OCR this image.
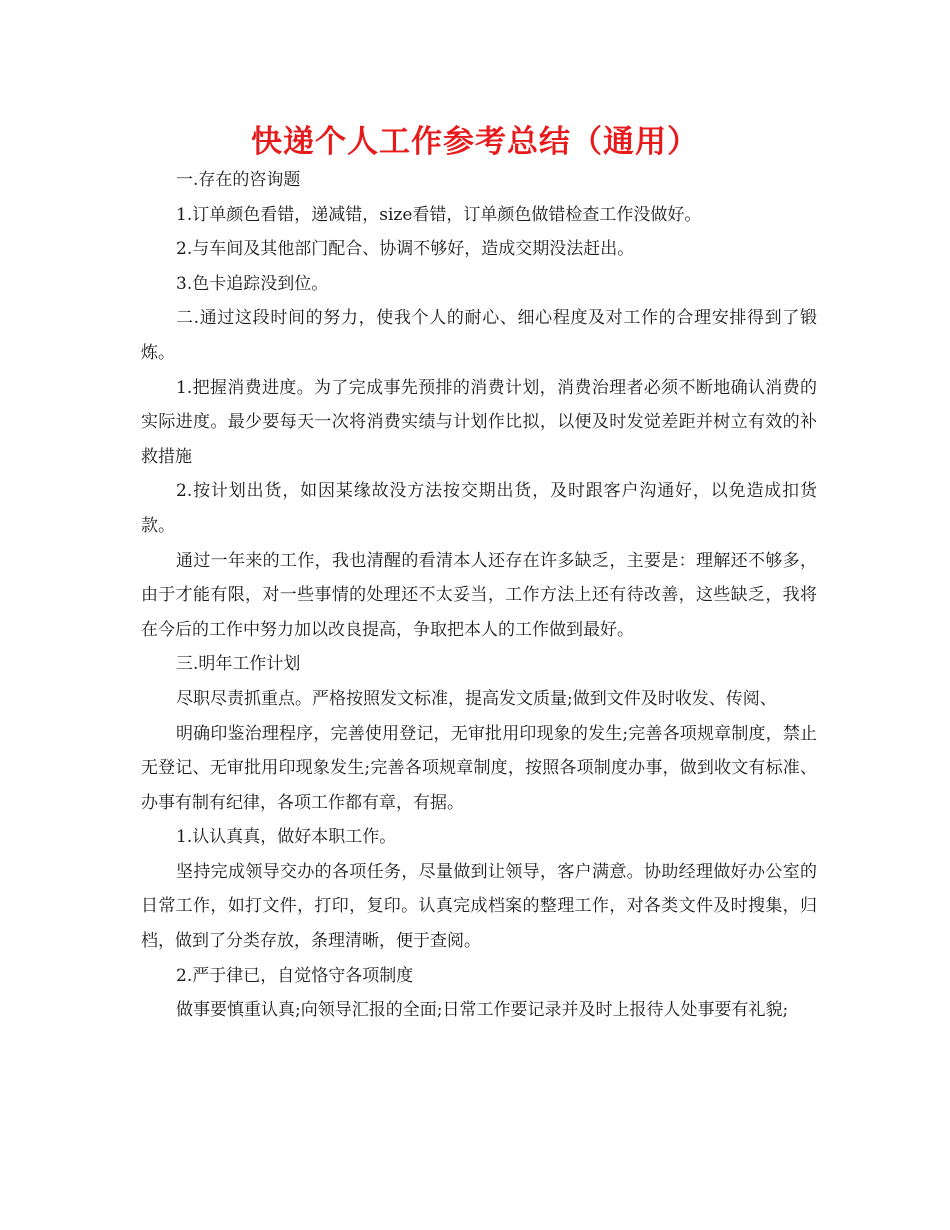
快递个人工作参考总结（通用）

一.存在的咨询题

1.订单颜色看错，递减错，size看错，订单颜色做错检查工作没做好。

2.与车间及其他部门配合、协调不够好，造成交期没法赶出。

3.色卡追踪没到位。

二.通过这段时间的努力，使我个人的耐心、细心程度及对工作的合理安排得到了锻炼。

1.把握消费进度。为了完成事先预排的消费计划，消费治理者必须不断地确认消费的实际进度。最少要每天一次将消费实绩与计划作比拟，以便及时发觉差距并树立有效的补救措施

2.按计划出货，如因某缘故没方法按交期出货，及时跟客户沟通好，以免造成扣货款。

通过一年来的工作，我也清醒的看清本人还存在许多缺乏，主要是：理解还不够多，由于才能有限，对一些事情的处理还不太妥当，工作方法上还有待改善，这些缺乏，我将在今后的工作中努力加以改良提高，争取把本人的工作做到最好。

三.明年工作计划

尽职尽责抓重点。严格按照发文标准，提高发文质量;做到文件及时收发、传阅、

明确印鉴治理程序，完善使用登记，无审批用印现象的发生;完善各项规章制度，禁止无登记、无审批用印现象发生;完善各项规章制度，按照各项制度办事，做到收文有标准、办事有制有纪律，各项工作都有章，有据。

1.认认真真，做好本职工作。

坚持完成领导交办的各项任务，尽量做到让领导，客户满意。协助经理做好办公室的日常工作，如打文件，打印，复印。认真完成档案的整理工作，对各类文件及时搜集，归档，做到了分类存放，条理清晰，便于查阅。

2.严于律已，自觉恪守各项制度

做事要慎重认真;向领导汇报的全面;日常工作要记录并及时上报待人处事要有礼貌;
